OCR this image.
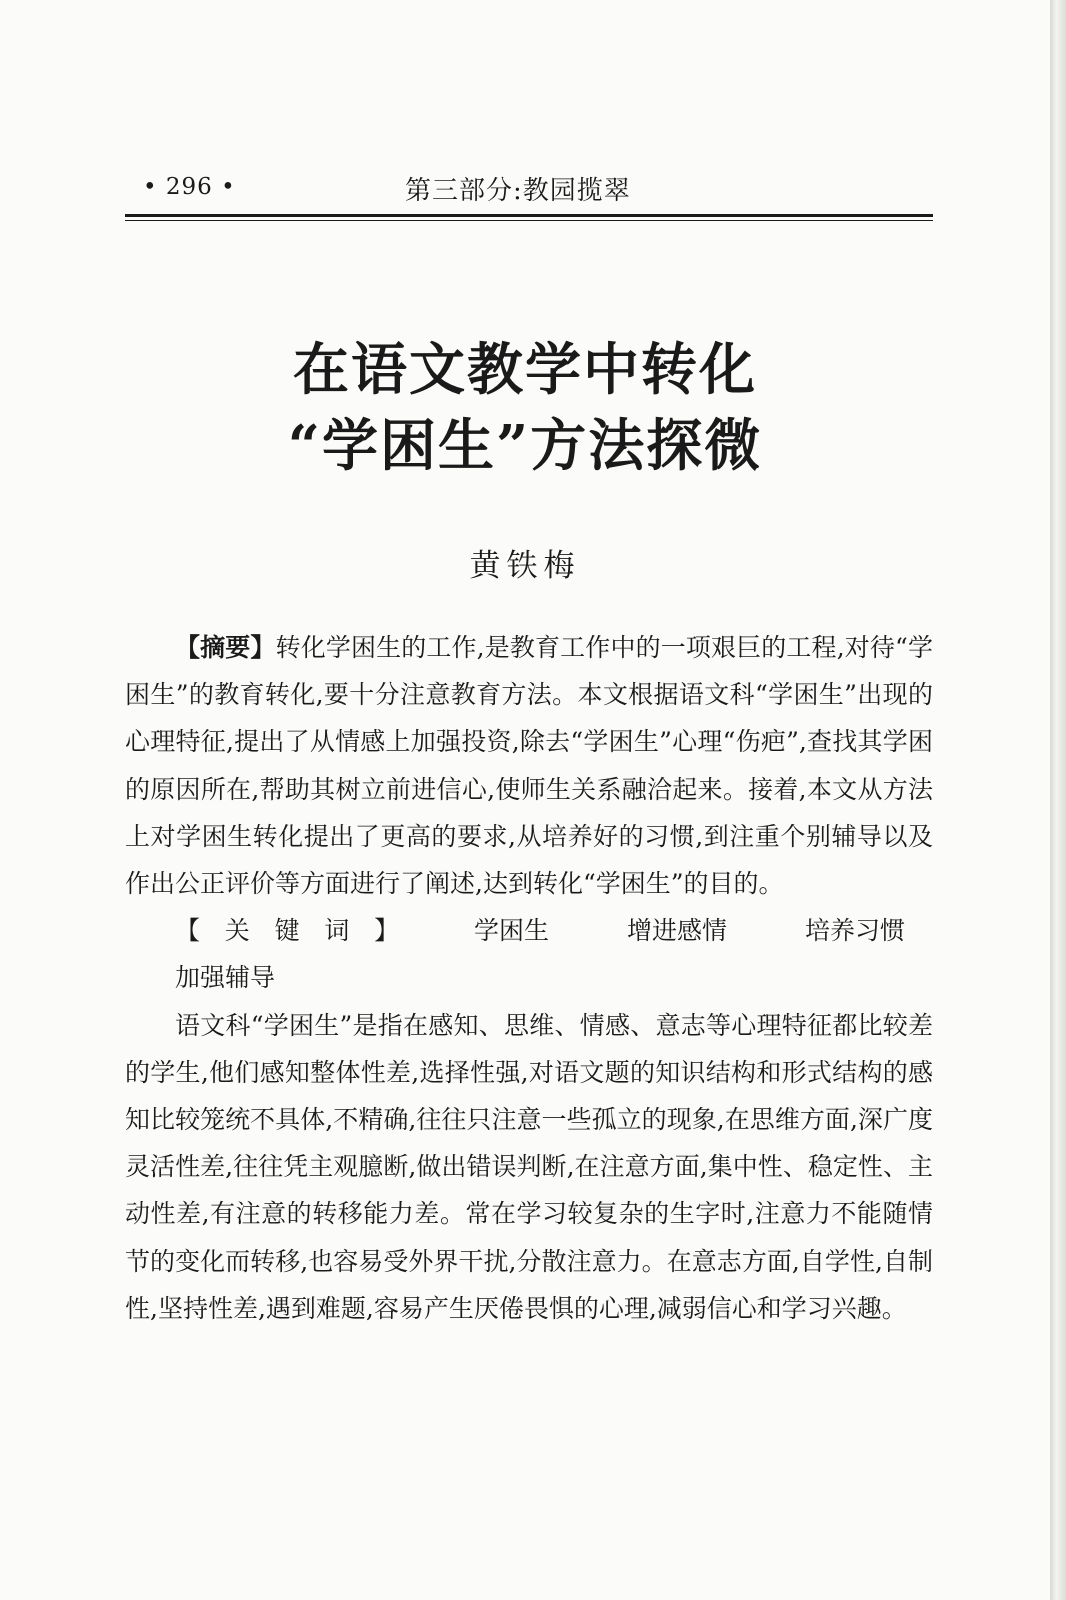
• 296 •	第三部分:教园揽翠
在语文教学中转化
“学困生”方法探微
黄铁梅

【摘要】转化学困生的工作,是教育工作中的一项艰巨的工程,对待“学困生”的教育转化,要十分注意教育方法。本文根据语文科“学困生”出现的心理特征,提出了从情感上加强投资,除去“学困生”心理“伤疤”,查找其学困的原因所在,帮助其树立前进信心,使师生关系融洽起来。接着,本文从方法上对学困生转化提出了更高的要求,从培养好的习惯,到注重个别辅导以及作出公正评价等方面进行了阐述,达到转化“学困生”的目的。

【关键词】 学困生	增进感情	培养习惯加强辅导

语文科“学困生”是指在感知、思维、情感、意志等心理特征都比较差的学生,他们感知整体性差,选择性强,对语文题的知识结构和形式结构的感知比较笼统不具体,不精确,往往只注意一些孤立的现象,在思维方面,深广度灵活性差,往往凭主观臆断,做出错误判断,在注意方面,集中性、稳定性、主动性差,有注意的转移能力差。常在学习较复杂的生字时,注意力不能随情节的变化而转移,也容易受外界干扰,分散注意力。在意志方面,自学性,自制性,坚持性差,遇到难题,容易产生厌倦畏惧的心理,减弱信心和学习兴趣。
